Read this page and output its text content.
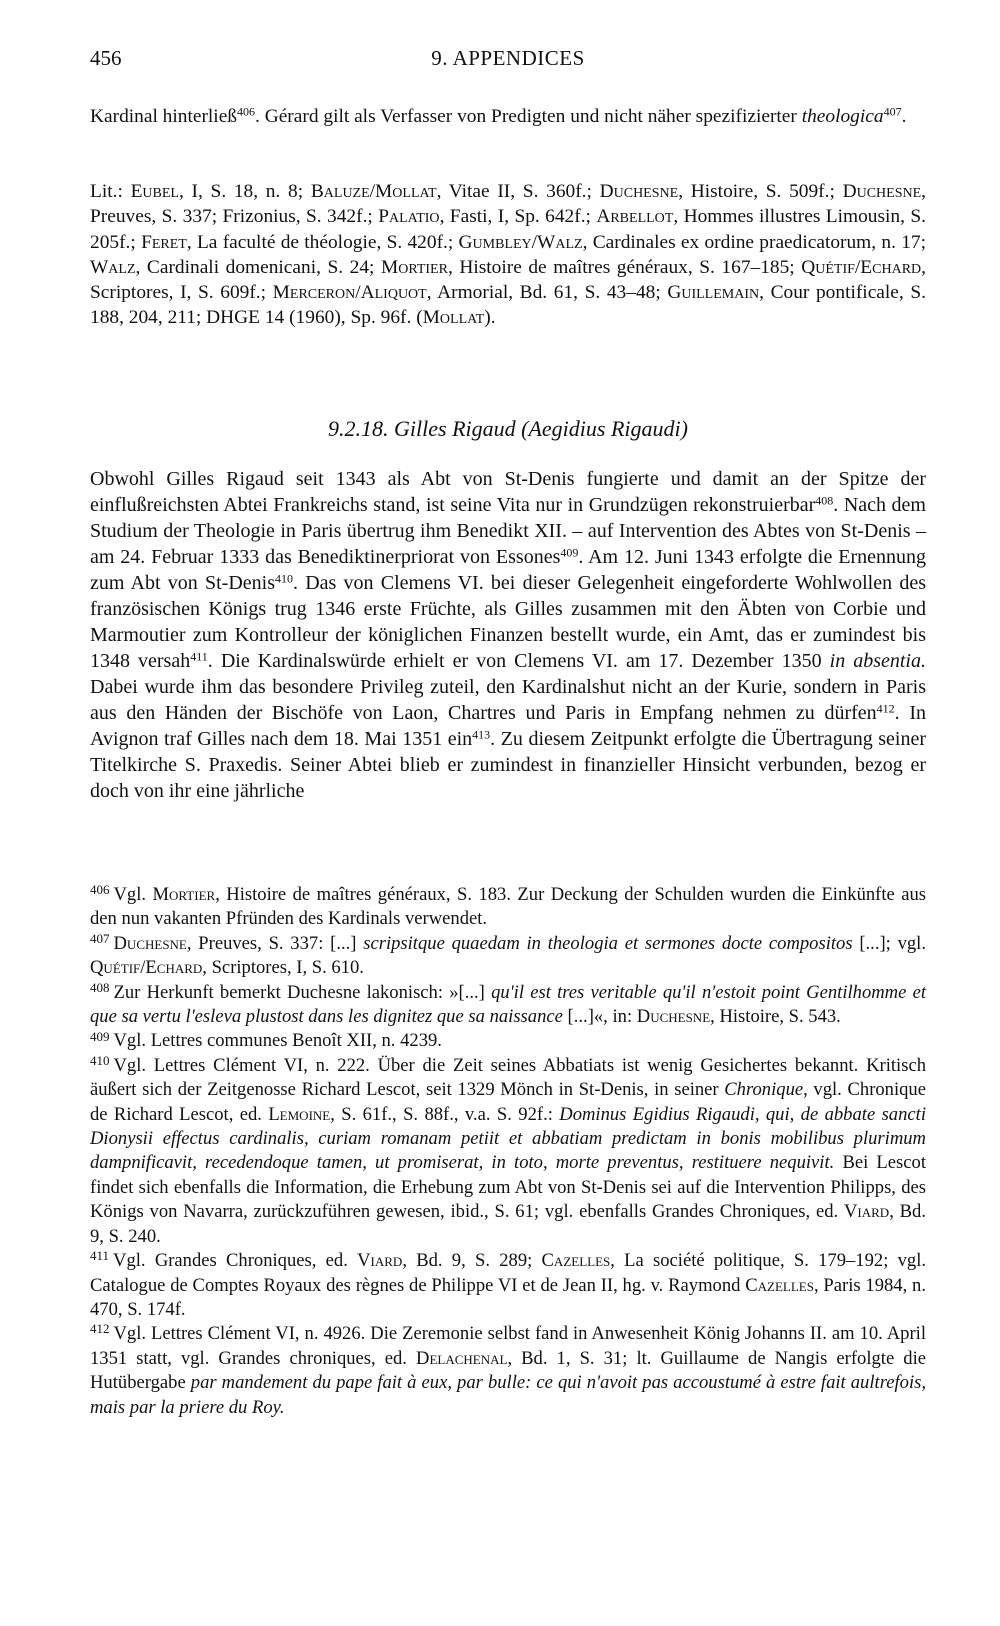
456	9. APPENDICES

Kardinal hinterließ$^{406}$. Gérard gilt als Verfasser von Predigten und nicht näher spezifizierter theologica$^{407}$.

Lit.: Eubel, I, S. 18, n. 8; Baluze/Mollat, Vitae II, S. 360f.; Duchesne, Histoire, S. 509f.; Duchesne, Preuves, S. 337; Frizonius, S. 342f.; Palatio, Fasti, I, Sp. 642f.; Arbellot, Hommes illustres Limousin, S. 205f.; Feret, La faculté de théologie, S. 420f.; Gumbley/Walz, Cardinales ex ordine praedicatorum, n. 17; Walz, Cardinali domenicani, S. 24; Mortier, Histoire de maîtres généraux, S. 167–185; Quétif/Echard, Scriptores, I, S. 609f.; Merceron/Aliquot, Armorial, Bd. 61, S. 43–48; Guillemain, Cour pontificale, S. 188, 204, 211; DHGE 14 (1960), Sp. 96f. (Mollat).

9.2.18. Gilles Rigaud (Aegidius Rigaudi)

Obwohl Gilles Rigaud seit 1343 als Abt von St-Denis fungierte und damit an der Spitze der einflußreichsten Abtei Frankreichs stand, ist seine Vita nur in Grundzügen rekonstruierbar$^{408}$. Nach dem Studium der Theologie in Paris übertrug ihm Benedikt XII. – auf Intervention des Abtes von St-Denis – am 24. Februar 1333 das Benediktinerpriorat von Essones$^{409}$. Am 12. Juni 1343 erfolgte die Ernennung zum Abt von St-Denis$^{410}$. Das von Clemens VI. bei dieser Gelegenheit eingeforderte Wohlwollen des französischen Königs trug 1346 erste Früchte, als Gilles zusammen mit den Äbten von Corbie und Marmoutier zum Kontrolleur der königlichen Finanzen bestellt wurde, ein Amt, das er zumindest bis 1348 versah$^{411}$. Die Kardinalswürde erhielt er von Clemens VI. am 17. Dezember 1350 in absentia. Dabei wurde ihm das besondere Privileg zuteil, den Kardinalshut nicht an der Kurie, sondern in Paris aus den Händen der Bischöfe von Laon, Chartres und Paris in Empfang nehmen zu dürfen$^{412}$. In Avignon traf Gilles nach dem 18. Mai 1351 ein$^{413}$. Zu diesem Zeitpunkt erfolgte die Übertragung seiner Titelkirche S. Praxedis. Seiner Abtei blieb er zumindest in finanzieller Hinsicht verbunden, bezog er doch von ihr eine jährliche

$^{406}$ Vgl. Mortier, Histoire de maîtres généraux, S. 183. Zur Deckung der Schulden wurden die Einkünfte aus den nun vakanten Pfründen des Kardinals verwendet.

$^{407}$ Duchesne, Preuves, S. 337: [...] scripsitque quaedam in theologia et sermones docte compositos [...]; vgl. Quétif/Echard, Scriptores, I, S. 610.

$^{408}$ Zur Herkunft bemerkt Duchesne lakonisch: »[...] qu'il est tres veritable qu'il n'estoit point Gentilhomme et que sa vertu l'esleva plustost dans les dignitez que sa naissance [...]«, in: Duchesne, Histoire, S. 543.

$^{409}$ Vgl. Lettres communes Benoît XII, n. 4239.

$^{410}$ Vgl. Lettres Clément VI, n. 222. Über die Zeit seines Abbatiats ist wenig Gesichertes bekannt. Kritisch äußert sich der Zeitgenosse Richard Lescot, seit 1329 Mönch in St-Denis, in seiner Chronique, vgl. Chronique de Richard Lescot, ed. Lemoine, S. 61f., S. 88f., v.a. S. 92f.: Dominus Egidius Rigaudi, qui, de abbate sancti Dionysii effectus cardinalis, curiam romanam petiit et abbatiam predictam in bonis mobilibus plurimum dampnificavit, recedendoque tamen, ut promiserat, in toto, morte preventus, restituere nequivit. Bei Lescot findet sich ebenfalls die Information, die Erhebung zum Abt von St-Denis sei auf die Intervention Philipps, des Königs von Navarra, zurückzuführen gewesen, ibid., S. 61; vgl. ebenfalls Grandes Chroniques, ed. Viard, Bd. 9, S. 240.

$^{411}$ Vgl. Grandes Chroniques, ed. Viard, Bd. 9, S. 289; Cazelles, La société politique, S. 179–192; vgl. Catalogue de Comptes Royaux des règnes de Philippe VI et de Jean II, hg. v. Raymond Cazelles, Paris 1984, n. 470, S. 174f.

$^{412}$ Vgl. Lettres Clément VI, n. 4926. Die Zeremonie selbst fand in Anwesenheit König Johanns II. am 10. April 1351 statt, vgl. Grandes chroniques, ed. Delachenal, Bd. 1, S. 31; lt. Guillaume de Nangis erfolgte die Hutübergabe par mandement du pape fait à eux, par bulle: ce qui n'avoit pas accoustumé à estre fait aultrefois, mais par la priere du Roy.
